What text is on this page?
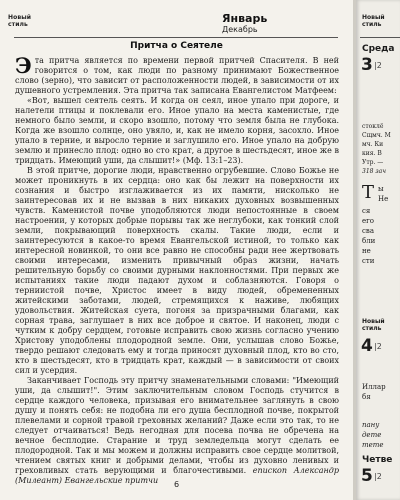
Новый
стиль	Январь
Декабрь
Притча о Сеятеле

Эта притча является по времени первой притчей Спасителя. В ней говорится о том, как люди по разному принимают Божественное слово (зерно), что зависит от расположенности людей, в зависимости от их душевного устремления. Эта притча так записана Евангелистом Матфеем:

«Вот, вышел сеятель сеять. И когда он сеял, иное упало при дороге, и налетели птицы и поклевали его. Иное упало на места каменистые, где немного было земли, и скоро взошло, потому что земля была не глубока. Когда же взошло солнце, оно увяло, и, как не имело корня, засохло. Иное упало в терние, и выросло терние и заглушило его. Иное упало на добрую землю и принесло плод: одно во сто крат, а другое в шестьдесят, иное же в тридцать. Имеющий уши, да слышит!» (Мф. 13:1–23).

В этой притче, дорогие люди, нравственно огрубевшие. Слово Божье не может проникнуть в их сердца: оно как бы лежит на поверхности их сознания и быстро изглаживается из их памяти, нисколько не заинтересовав их и не вызвав в них никаких духовных возвышенных чувств. Каменистой почве уподобляются люди непостоянные в своем настроении, у которых добрые порывы так же неглубоки, как тонкий слой земли, покрывающий поверхность скалы. Такие люди, если и заинтересуются в какое-то время Евангельской истиной, то только как интересной новинкой, то они все равно не способны ради нее жертвовать своими интересами, изменить привычный образ жизни, начать решительную борьбу со своими дурными наклонностями. При первых же испытаниях такие люди падают духом и соблазняются. Говоря о терниистой почве, Христос имеет в виду людей, обремененных житейскими заботами, людей, стремящихся к наживе, любящих удовольствия. Житейская суета, погоня за призрачными благами, как сорная трава, заглушает в них все доброе и святое. И наконец, люди с чутким к добру сердцем, готовые исправить свою жизнь согласно учению Христову уподоблены плодородной земле. Они, услышав слово Божье, твердо решают следовать ему и тогда приносят духовный плод, кто во сто, кто в шестьдесят, кто в тридцать крат, каждый — в зависимости от своих сил и усердия.

Заканчивает Господь эту притчу знаменательными словами: "Имеющий уши, да слышит!". Этим заключительным словом Господь стучится в сердце каждого человека, призывая его внимательнее заглянуть в свою душу и понять себя: не подобна ли его душа бесплодной почве, покрытой плевелами и сорной травой греховных желаний? Даже если это так, то не следует отчаиваться! Ведь негодная для посева почва не обречена на вечное бесплодие. Старание и труд земледельца могут сделать ее плодородной. Так и мы можем и должны исправить свое сердце молитвой, чтением святых книг и добрыми делами, чтобы из духовно ленивых и греховливых стать верующими и благочестивыми. епископ Александр (Милеант) Евангельские притчи	6
Новый
стиль
Среда
3 |2
стоклё
Сщмч. М
мч. Ки
кия. В
Утр. —
318 зач
Т ы
Не
ся
его
сва
бли
не
сти
Новый
стиль
4 |2
Иллар
бя
пану
дете
тете
Четве
5 |2
